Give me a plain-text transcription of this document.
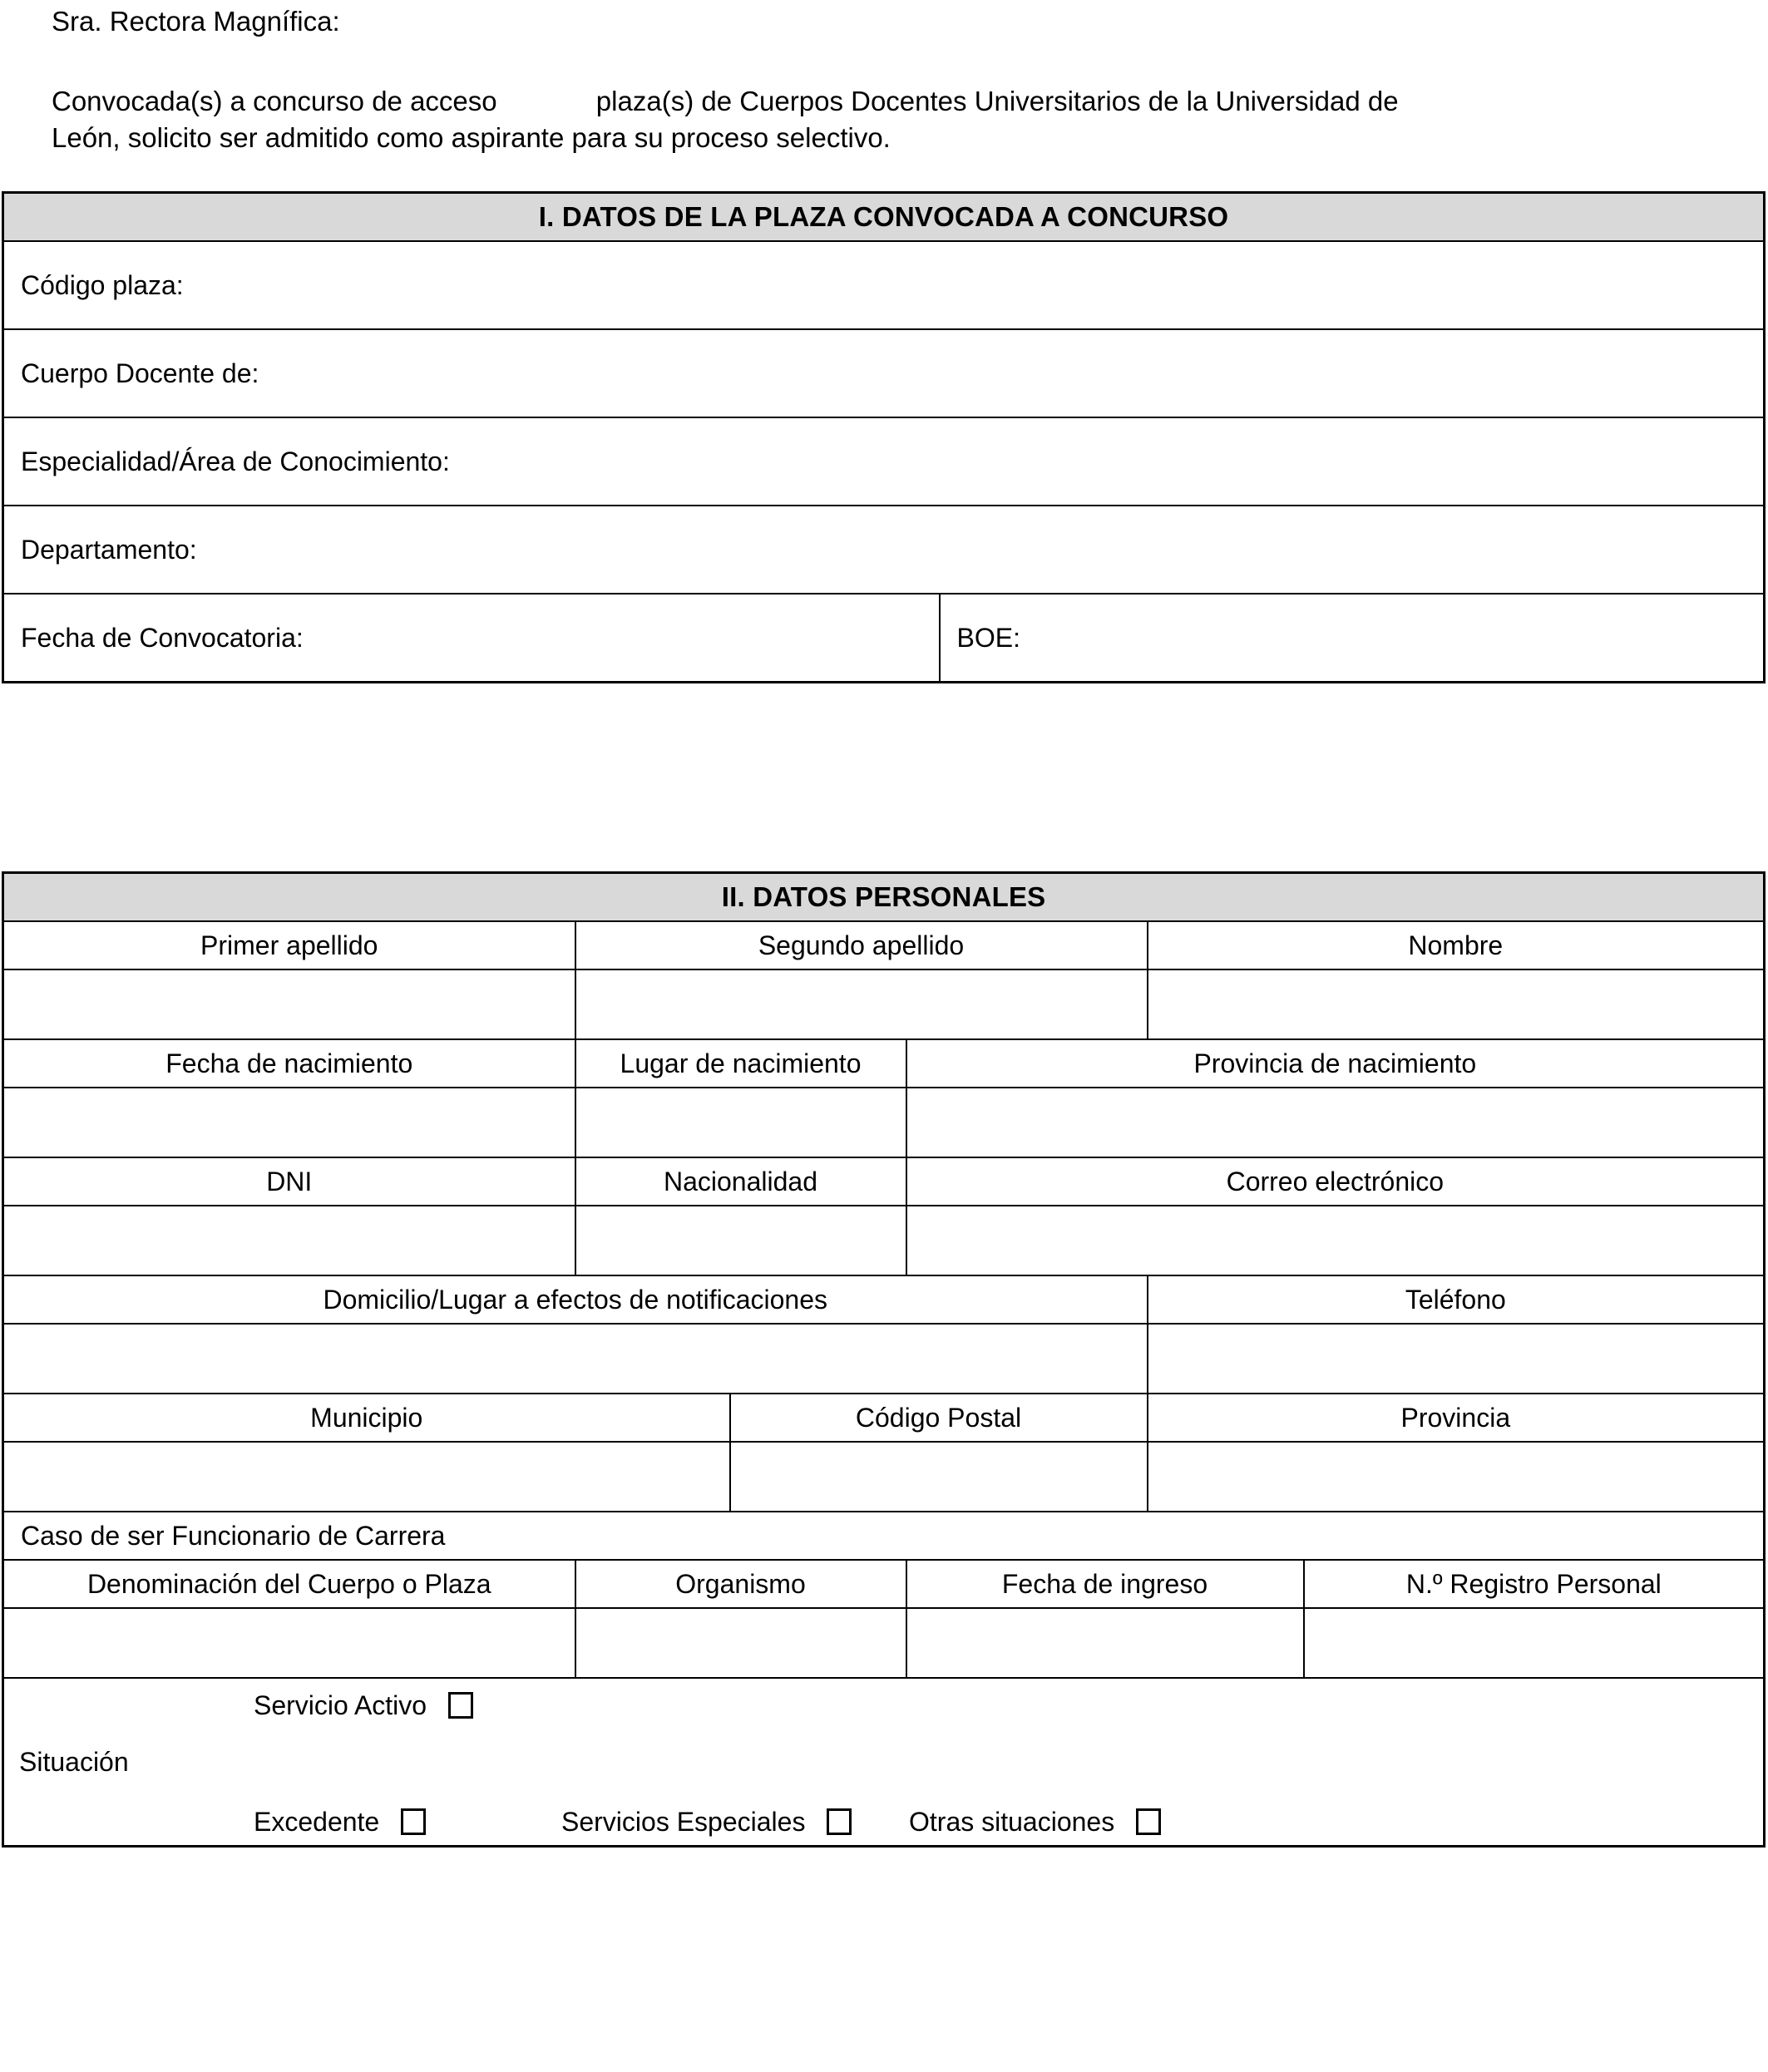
Sra. Rectora Magnífica:
Convocada(s) a concurso de acceso             plaza(s) de Cuerpos Docentes Universitarios de la Universidad de
León, solicito ser admitido como aspirante para su proceso selectivo.
I. DATOS DE LA PLAZA CONVOCADA A CONCURSO
Código plaza:
Cuerpo Docente de:
Especialidad/Área de Conocimiento:
Departamento:
Fecha de Convocatoria:	BOE:
II. DATOS PERSONALES					
Primer apellido	Segundo apellido			Nombre	

Fecha de nacimiento	Lugar de nacimiento		Provincia de nacimiento		

DNI	Nacionalidad		Correo electrónico		

Domicilio/Lugar a efectos de notificaciones				Teléfono	

Municipio		Código Postal		Provincia	

Caso de ser Funcionario de Carrera					
Denominación del Cuerpo o Plaza	Organismo		Fecha de ingreso		N.º Registro Personal

Situación
Servicio Activo
Excedente Servicios Especiales Otras situaciones					
